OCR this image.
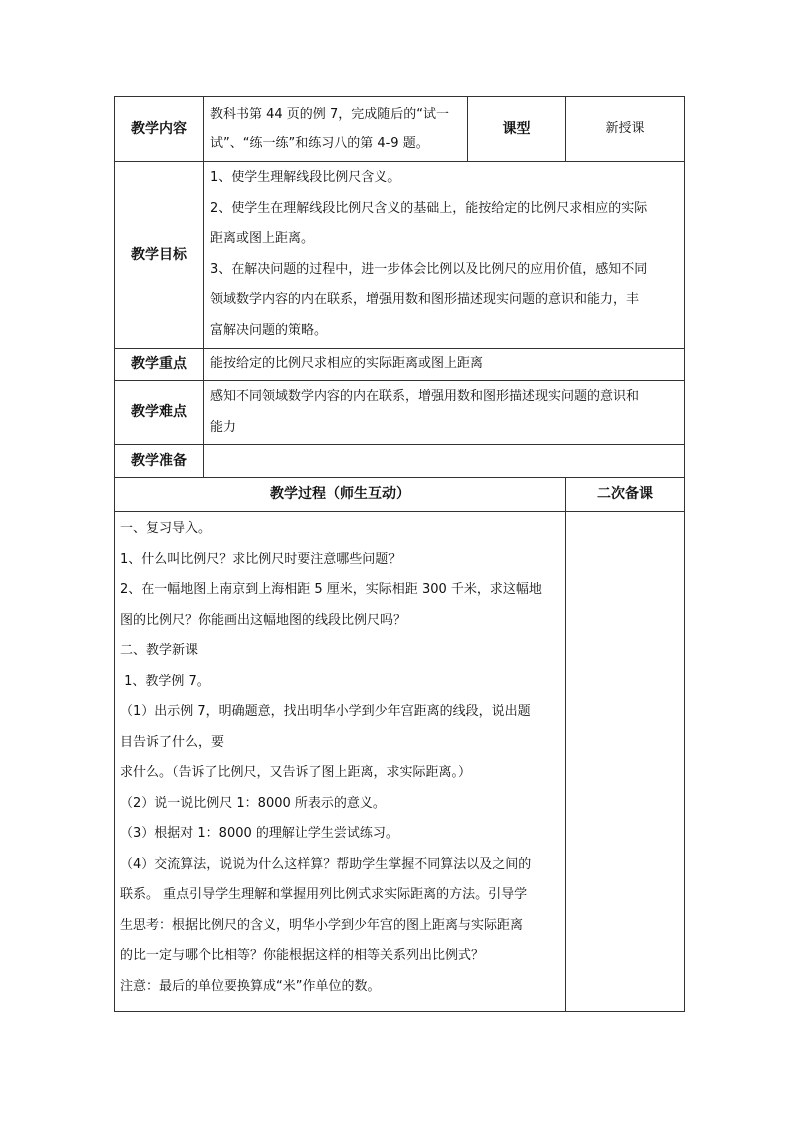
教学内容
教科书第 44 页的例 7，完成随后的“试一
试”、“练一练”和练习八的第 4-9 题。
课型	新授课
教学目标
1、使学生理解线段比例尺含义。
2、使学生在理解线段比例尺含义的基础上，能按给定的比例尺求相应的实际
距离或图上距离。
3、在解决问题的过程中，进一步体会比例以及比例尺的应用价值，感知不同
领域数学内容的内在联系，增强用数和图形描述现实问题的意识和能力，丰
富解决问题的策略。
教学重点 能按给定的比例尺求相应的实际距离或图上距离
教学难点
感知不同领域数学内容的内在联系，增强用数和图形描述现实问题的意识和
能力
教学准备
教学过程（师生互动）	二次备课
一、复习导入。
1、什么叫比例尺？求比例尺时要注意哪些问题？
2、在一幅地图上南京到上海相距 5 厘米，实际相距 300 千米，求这幅地
图的比例尺？你能画出这幅地图的线段比例尺吗？
二、教学新课
1、教学例 7。
（1）出示例 7，明确题意，找出明华小学到少年宫距离的线段，说出题
目告诉了什么，要
求什么。（告诉了比例尺，又告诉了图上距离，求实际距离。）
（2）说一说比例尺 1：8000 所表示的意义。
（3）根据对 1：8000 的理解让学生尝试练习。
（4）交流算法，说说为什么这样算？帮助学生掌握不同算法以及之间的
联系。 重点引导学生理解和掌握用列比例式求实际距离的方法。引导学
生思考：根据比例尺的含义，明华小学到少年宫的图上距离与实际距离
的比一定与哪个比相等？你能根据这样的相等关系列出比例式？
注意：最后的单位要换算成“米”作单位的数。
